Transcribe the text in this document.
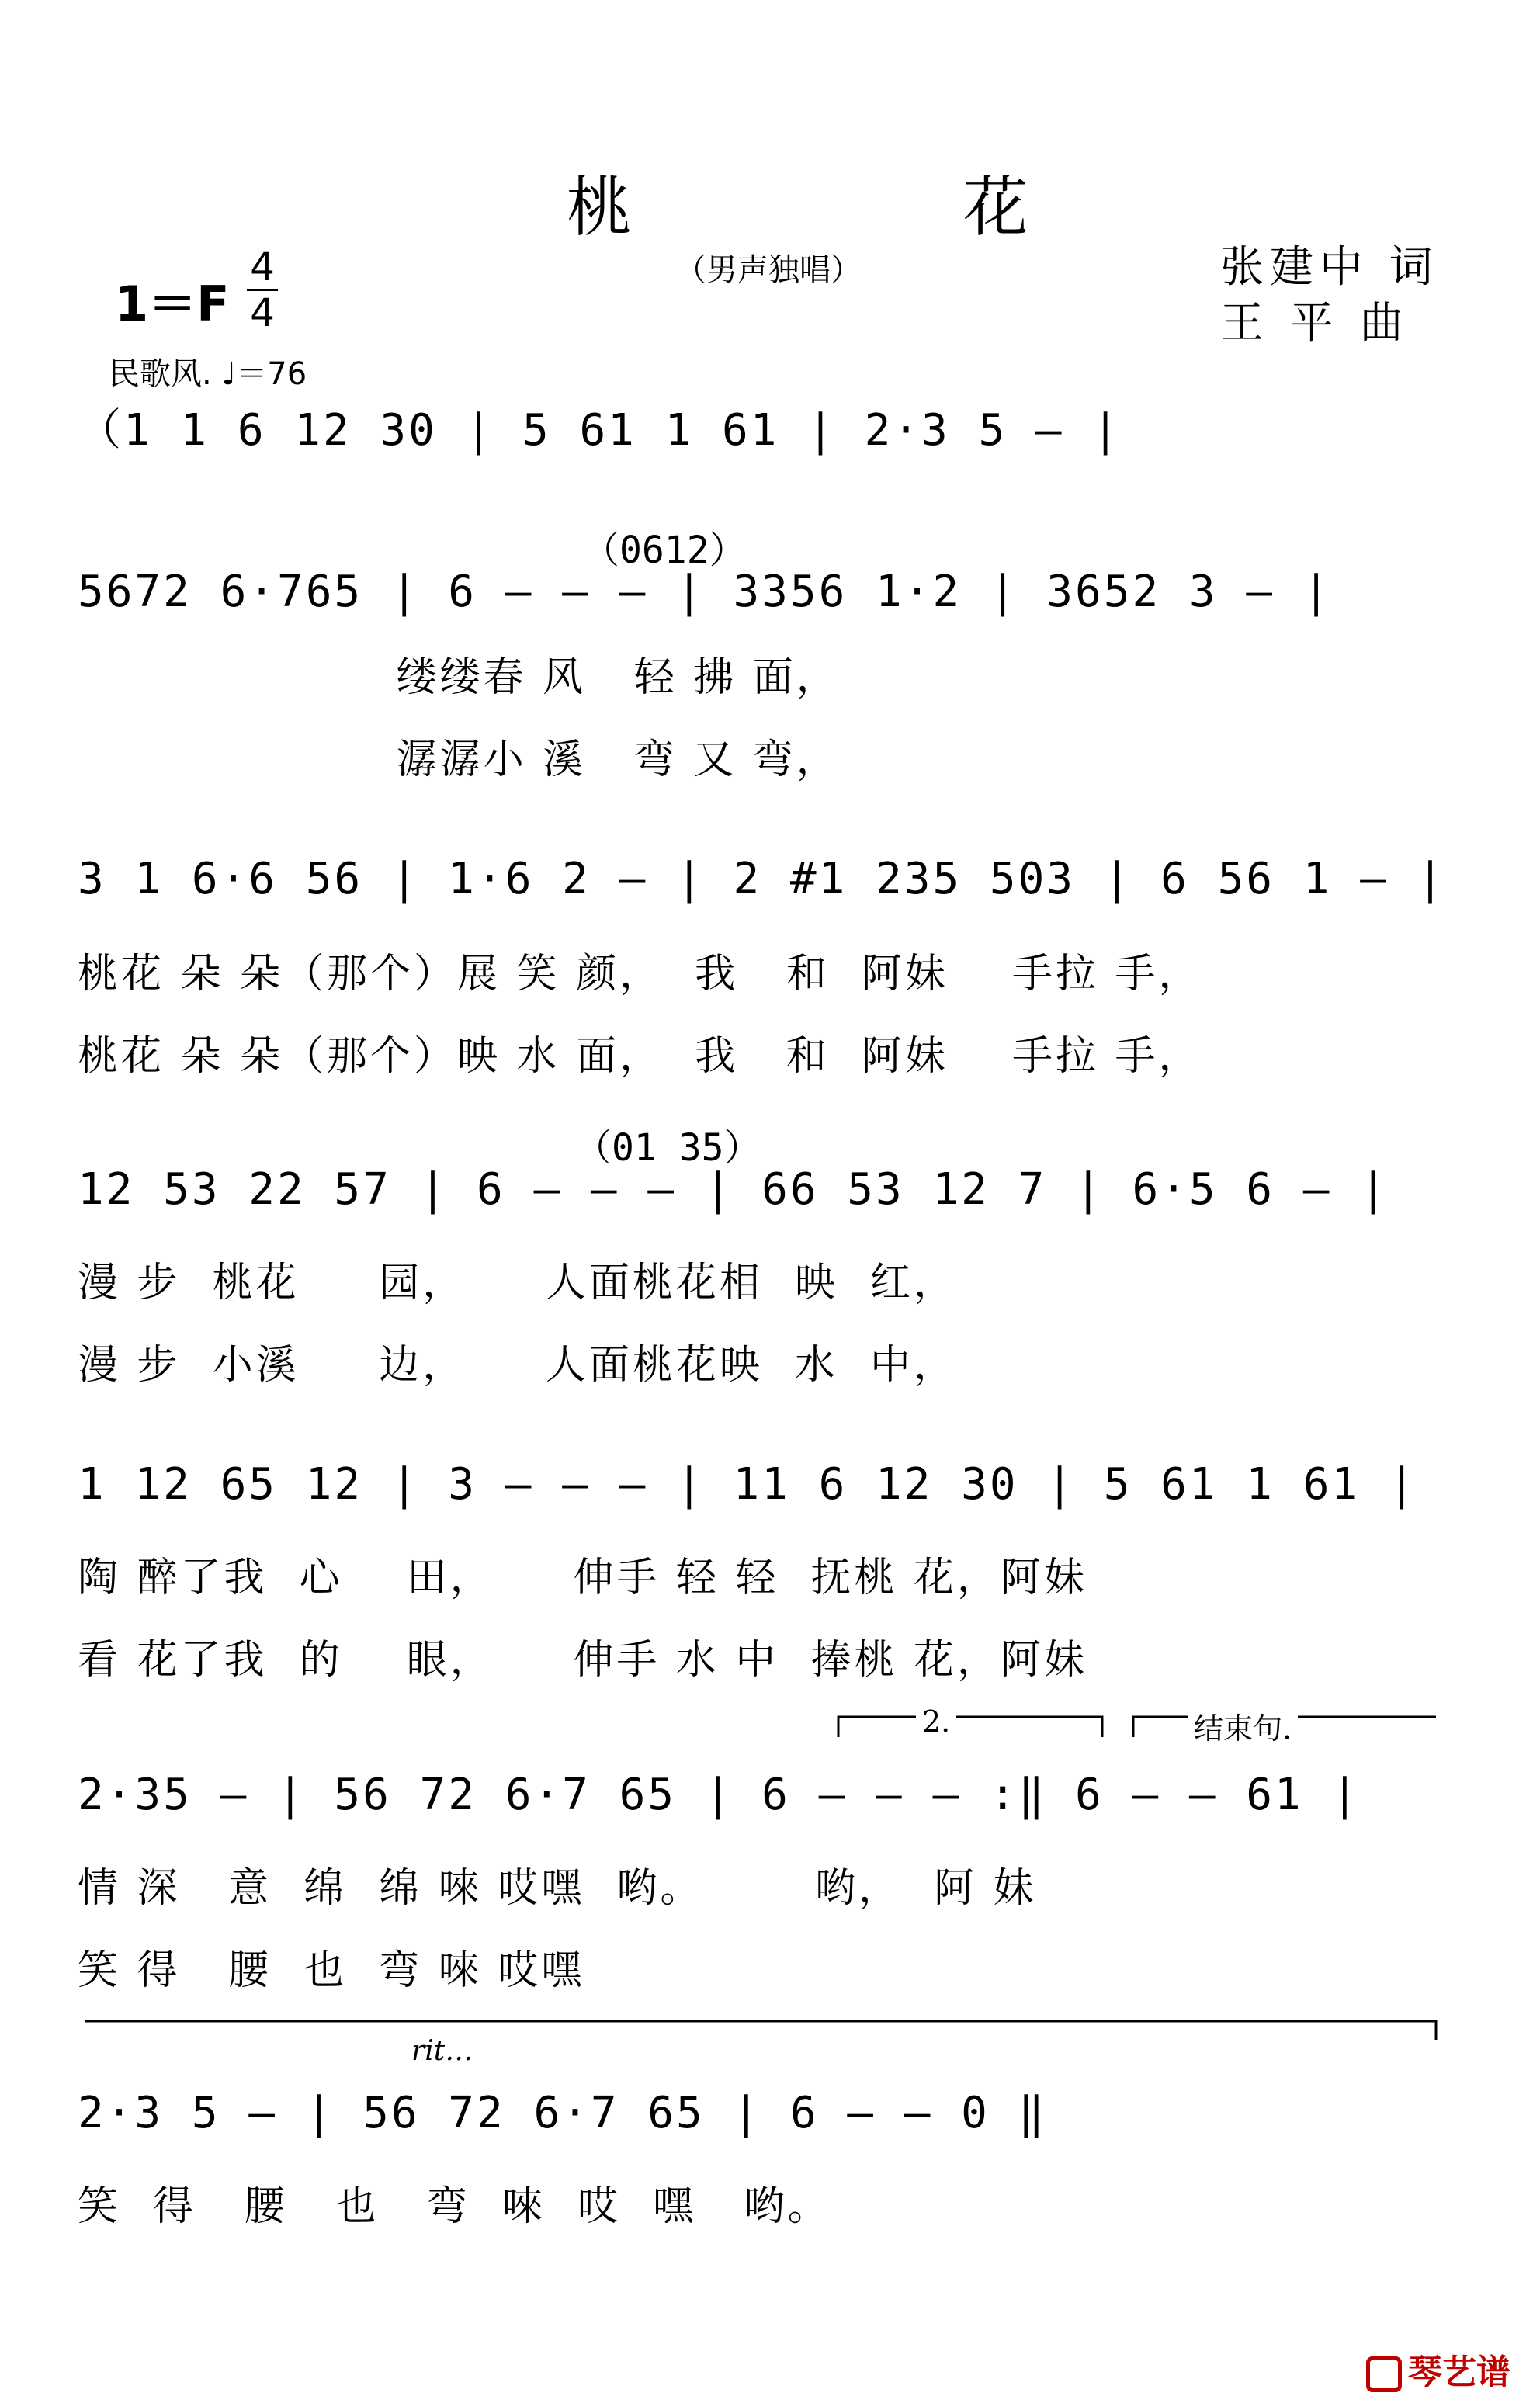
桃 花
（男声独唱）	张建中 词
王 平 曲
1＝F
4
4
民歌风. ♩＝76
（1 1 6 12 30 | 5 61 1 61 | 2·3 5 — |
（0612）
5672 6·765 | 6 — — — | 3356 1·2 | 3652 3 — |
缕缕春 风   轻 拂 面，
潺潺小 溪   弯 又 弯，
3 1 6·6 56 | 1·6 2 — | 2 #1 235 503 | 6 56 1 — |
桃花 朵 朵（那个）展 笑 颜，  我   和  阿妹    手拉 手，
桃花 朵 朵（那个）映 水 面，  我   和  阿妹    手拉 手，
（01 35）
12 53 22 57 | 6 — — — | 66 53 12 7 | 6·5 6 — |
漫 步  桃花     园，     人面桃花相  映  红，
漫 步  小溪     边，     人面桃花映  水  中，
1 12 65 12 | 3 — — — | 11 6 12 30 | 5 61 1 61 |
陶 醉了我  心    田，     伸手 轻 轻  抚桃 花，阿妹
看 花了我  的    眼，     伸手 水 中  捧桃 花，阿妹
2.	结束句.
2·35 — | 56 72 6·7 65 | 6 — — — :‖ 6 — — 61 |
情 深   意  绵  绵 唻 哎嘿  哟。       哟，  阿 妹
笑 得   腰  也  弯 唻 哎嘿
rit…
2·3 5 — | 56 72 6·7 65 | 6 — — 0 ‖
笑  得   腰   也   弯  唻  哎  嘿   哟。
琴艺谱
